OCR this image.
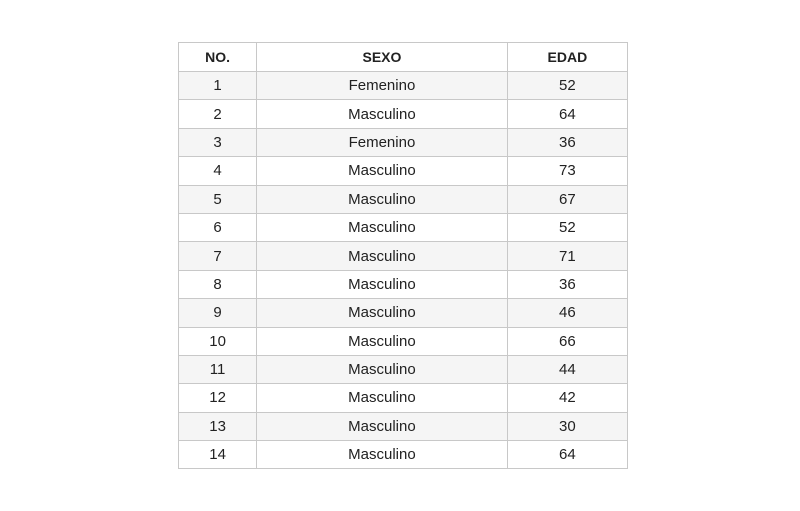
NO.	SEXO	EDAD
1	Femenino	52
2	Masculino	64
3	Femenino	36
4	Masculino	73
5	Masculino	67
6	Masculino	52
7	Masculino	71
8	Masculino	36
9	Masculino	46
10	Masculino	66
11	Masculino	44
12	Masculino	42
13	Masculino	30
14	Masculino	64
